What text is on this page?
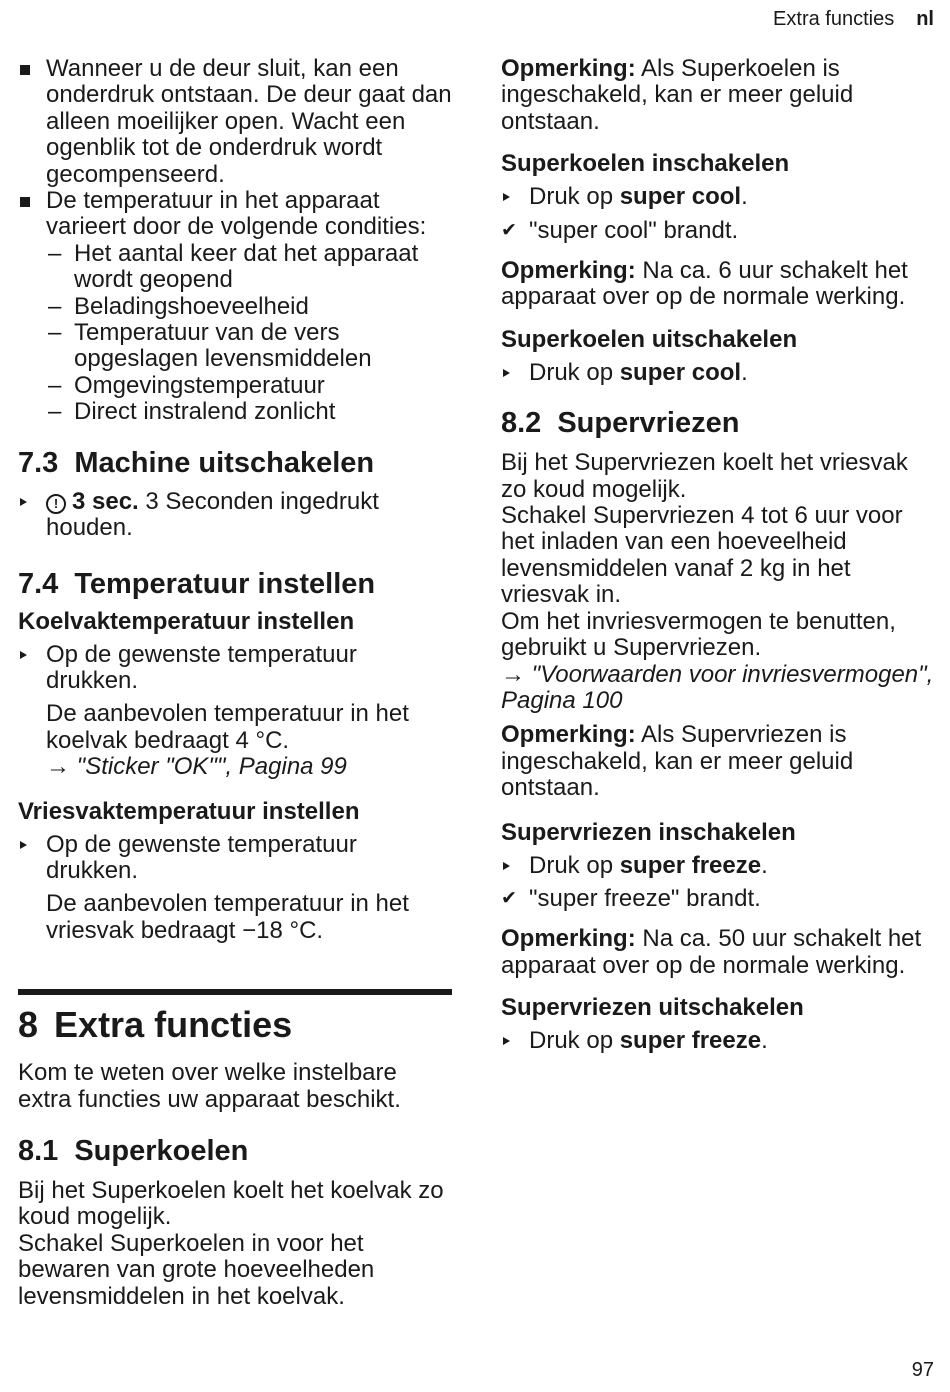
Extra functies nl
Wanneer u de deur sluit, kan een onderdruk ontstaan. De deur gaat dan alleen moeilijker open. Wacht een ogenblik tot de onderdruk wordt gecompenseerd.
De temperatuur in het apparaat varieert door de volgende condities:
– Het aantal keer dat het apparaat wordt geopend
– Beladingshoeveelheid
– Temperatuur van de vers opgeslagen levensmiddelen
– Omgevingstemperatuur
– Direct instralend zonlicht
7.3 Machine uitschakelen

! 3 sec. 3 Seconden ingedrukt houden.

7.4 Temperatuur instellen
Koelvaktemperatuur instellen

Op de gewenste temperatuur drukken.

De aanbevolen temperatuur in het koelvak bedraagt 4 °C.

→ "Sticker "OK"", Pagina 99

Vriesvaktemperatuur instellen

Op de gewenste temperatuur drukken.

De aanbevolen temperatuur in het vriesvak bedraagt −18 °C.

8 Extra functies

Kom te weten over welke instelbare extra functies uw apparaat beschikt.

8.1 Superkoelen

Bij het Superkoelen koelt het koelvak zo koud mogelijk.

Schakel Superkoelen in voor het bewaren van grote hoeveelheden levensmiddelen in het koelvak.

Opmerking: Als Superkoelen is ingeschakeld, kan er meer geluid ontstaan.

Superkoelen inschakelen

Druk op super cool.

✔ "super cool" brandt.

Opmerking: Na ca. 6 uur schakelt het apparaat over op de normale werking.

Superkoelen uitschakelen

Druk op super cool.

8.2 Supervriezen

Bij het Supervriezen koelt het vriesvak zo koud mogelijk.

Schakel Supervriezen 4 tot 6 uur voor het inladen van een hoeveelheid levensmiddelen vanaf 2 kg in het vriesvak in.

Om het invriesvermogen te benutten, gebruikt u Supervriezen.

→ "Voorwaarden voor invriesvermogen", Pagina 100

Opmerking: Als Supervriezen is ingeschakeld, kan er meer geluid ontstaan.

Supervriezen inschakelen

Druk op super freeze.

✔ "super freeze" brandt.

Opmerking: Na ca. 50 uur schakelt het apparaat over op de normale werking.

Supervriezen uitschakelen

Druk op super freeze.

97
